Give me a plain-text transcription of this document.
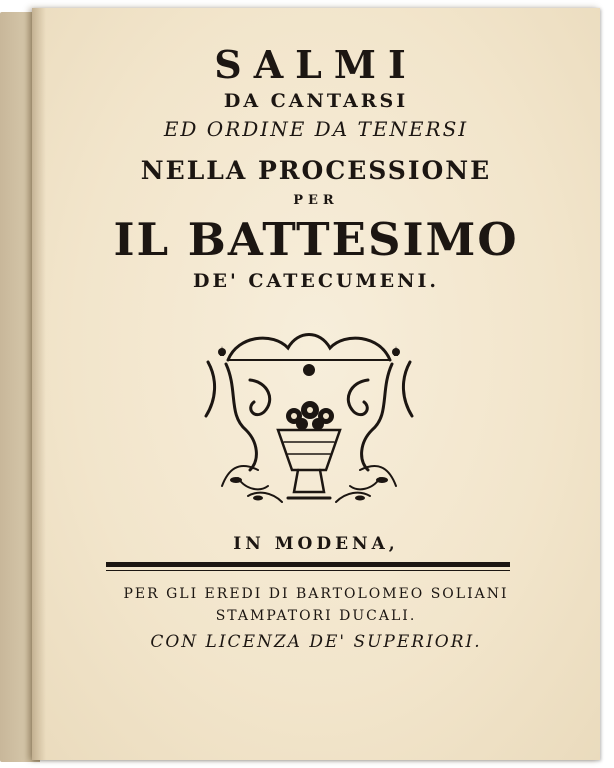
SALMI
DA CANTARSI
ED ORDINE DA TENERSI
NELLA PROCESSIONE
PER
IL BATTESIMO
DE' CATECUMENI.
IN MODENA,
PER GLI EREDI DI BARTOLOMEO SOLIANI
STAMPATORI DUCALI.
CON LICENZA DE' SUPERIORI.
